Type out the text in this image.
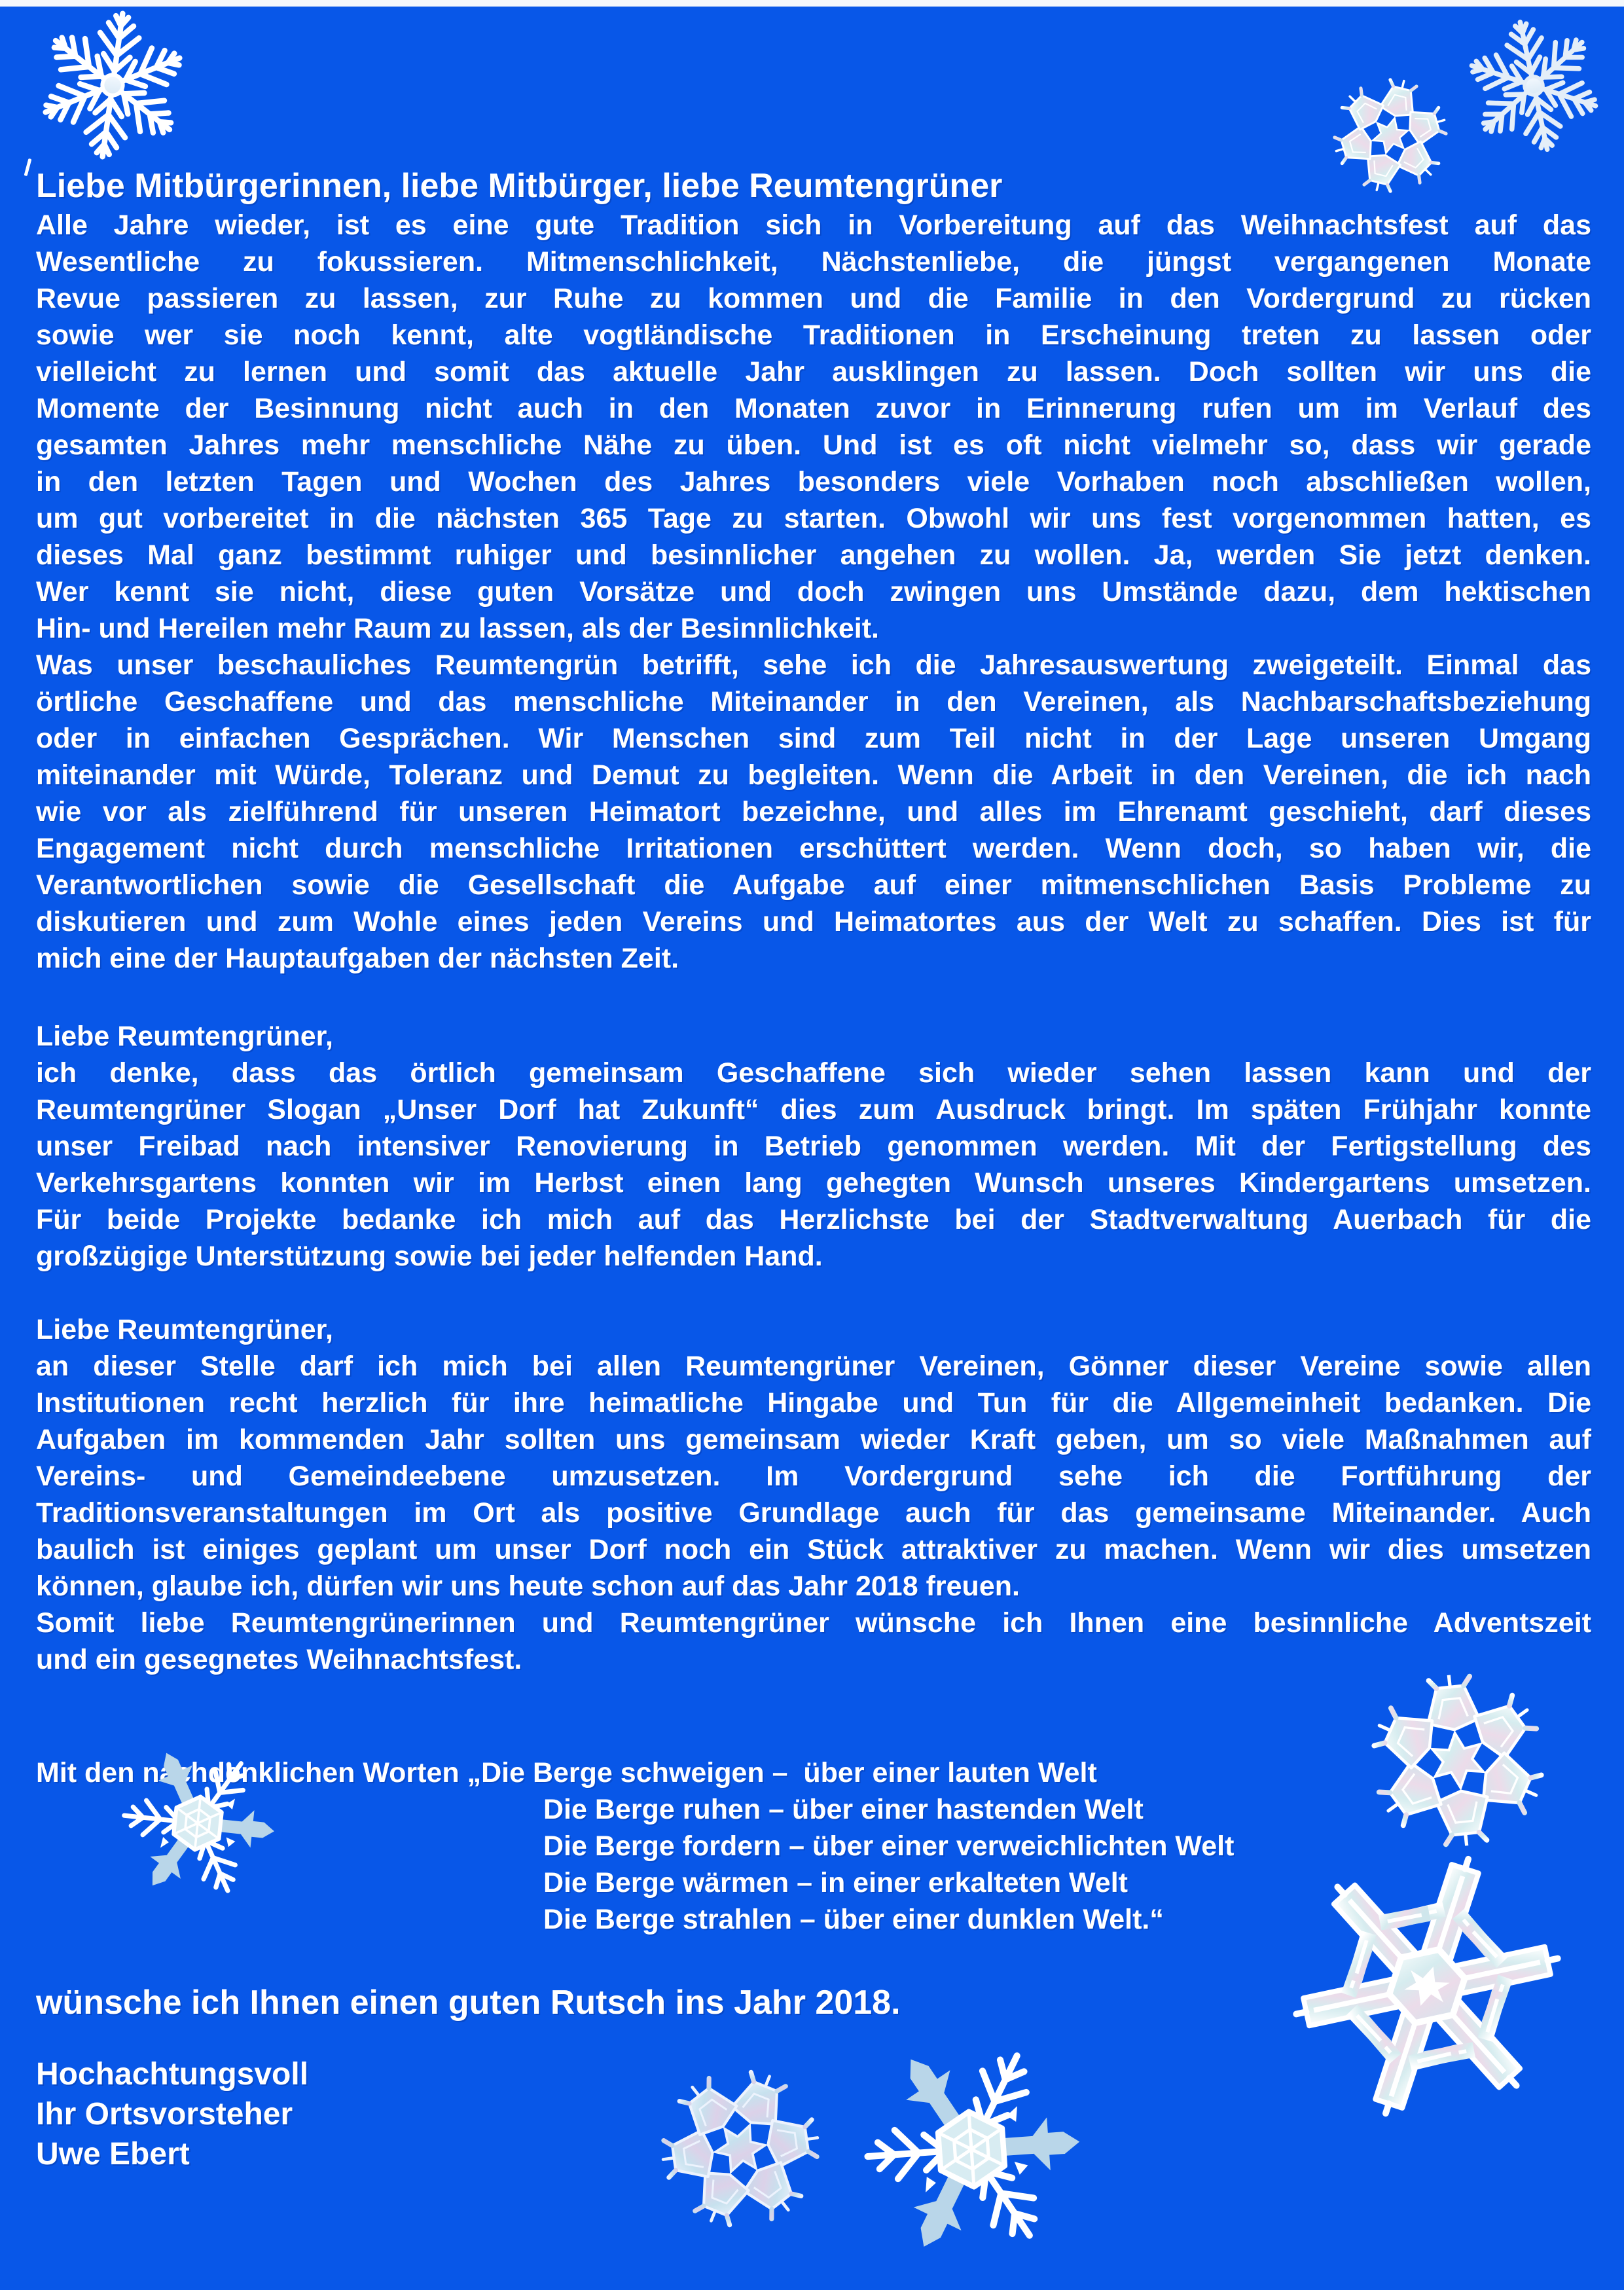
Liebe Mitbürgerinnen, liebe Mitbürger, liebe Reumtengrüner
Alle Jahre wieder, ist es eine gute Tradition sich in Vorbereitung auf das Weihnachtsfest auf das
Wesentliche zu fokussieren. Mitmenschlichkeit, Nächstenliebe, die jüngst vergangenen Monate
Revue passieren zu lassen, zur Ruhe zu kommen und die Familie in den Vordergrund zu rücken
sowie wer sie noch kennt, alte vogtländische Traditionen in Erscheinung treten zu lassen oder
vielleicht zu lernen und somit das aktuelle Jahr ausklingen zu lassen. Doch sollten wir uns die
Momente der Besinnung nicht auch in den Monaten zuvor in Erinnerung rufen um im Verlauf des
gesamten Jahres mehr menschliche Nähe zu üben. Und ist es oft nicht vielmehr so, dass wir gerade
in den letzten Tagen und Wochen des Jahres besonders viele Vorhaben noch abschließen wollen,
um gut vorbereitet in die nächsten 365 Tage zu starten. Obwohl wir uns fest vorgenommen hatten, es
dieses Mal ganz bestimmt ruhiger und besinnlicher angehen zu wollen. Ja, werden Sie jetzt denken.
Wer kennt sie nicht, diese guten Vorsätze und doch zwingen uns Umstände dazu, dem hektischen
Hin- und Hereilen mehr Raum zu lassen, als der Besinnlichkeit.
Was unser beschauliches Reumtengrün betrifft, sehe ich die Jahresauswertung zweigeteilt. Einmal das
örtliche Geschaffene und das menschliche Miteinander in den Vereinen, als Nachbarschaftsbeziehung
oder in einfachen Gesprächen. Wir Menschen sind zum Teil nicht in der Lage unseren Umgang
miteinander mit Würde, Toleranz und Demut zu begleiten. Wenn die Arbeit in den Vereinen, die ich nach
wie vor als zielführend für unseren Heimatort bezeichne, und alles im Ehrenamt geschieht, darf dieses
Engagement nicht durch menschliche Irritationen erschüttert werden. Wenn doch, so haben wir, die
Verantwortlichen sowie die Gesellschaft die Aufgabe auf einer mitmenschlichen Basis Probleme zu
diskutieren und zum Wohle eines jeden Vereins und Heimatortes aus der Welt zu schaffen. Dies ist für
mich eine der Hauptaufgaben der nächsten Zeit.
Liebe Reumtengrüner,
ich denke, dass das örtlich gemeinsam Geschaffene sich wieder sehen lassen kann und der
Reumtengrüner Slogan „Unser Dorf hat Zukunft“ dies zum Ausdruck bringt. Im späten Frühjahr konnte
unser Freibad nach intensiver Renovierung in Betrieb genommen werden. Mit der Fertigstellung des
Verkehrsgartens konnten wir im Herbst einen lang gehegten Wunsch unseres Kindergartens umsetzen.
Für beide Projekte bedanke ich mich auf das Herzlichste bei der Stadtverwaltung Auerbach für die
großzügige Unterstützung sowie bei jeder helfenden Hand.
Liebe Reumtengrüner,
an dieser Stelle darf ich mich bei allen Reumtengrüner Vereinen, Gönner dieser Vereine sowie allen
Institutionen recht herzlich für ihre heimatliche Hingabe und Tun für die Allgemeinheit bedanken. Die
Aufgaben im kommenden Jahr sollten uns gemeinsam wieder Kraft geben, um so viele Maßnahmen auf
Vereins- und Gemeindeebene umzusetzen. Im Vordergrund sehe ich die Fortführung der
Traditionsveranstaltungen im Ort als positive Grundlage auch für das gemeinsame Miteinander. Auch
baulich ist einiges geplant um unser Dorf noch ein Stück attraktiver zu machen. Wenn wir dies umsetzen
können, glaube ich, dürfen wir uns heute schon auf das Jahr 2018 freuen.
Somit liebe Reumtengrünerinnen und Reumtengrüner wünsche ich Ihnen eine besinnliche Adventszeit
und ein gesegnetes Weihnachtsfest.
Mit den nachdenklichen Worten „Die Berge schweigen –  über einer lauten Welt
Die Berge ruhen – über einer hastenden Welt
Die Berge fordern – über einer verweichlichten Welt
Die Berge wärmen – in einer erkalteten Welt
Die Berge strahlen – über einer dunklen Welt.“
wünsche ich Ihnen einen guten Rutsch ins Jahr 2018.
Hochachtungsvoll
Ihr Ortsvorsteher
Uwe Ebert
